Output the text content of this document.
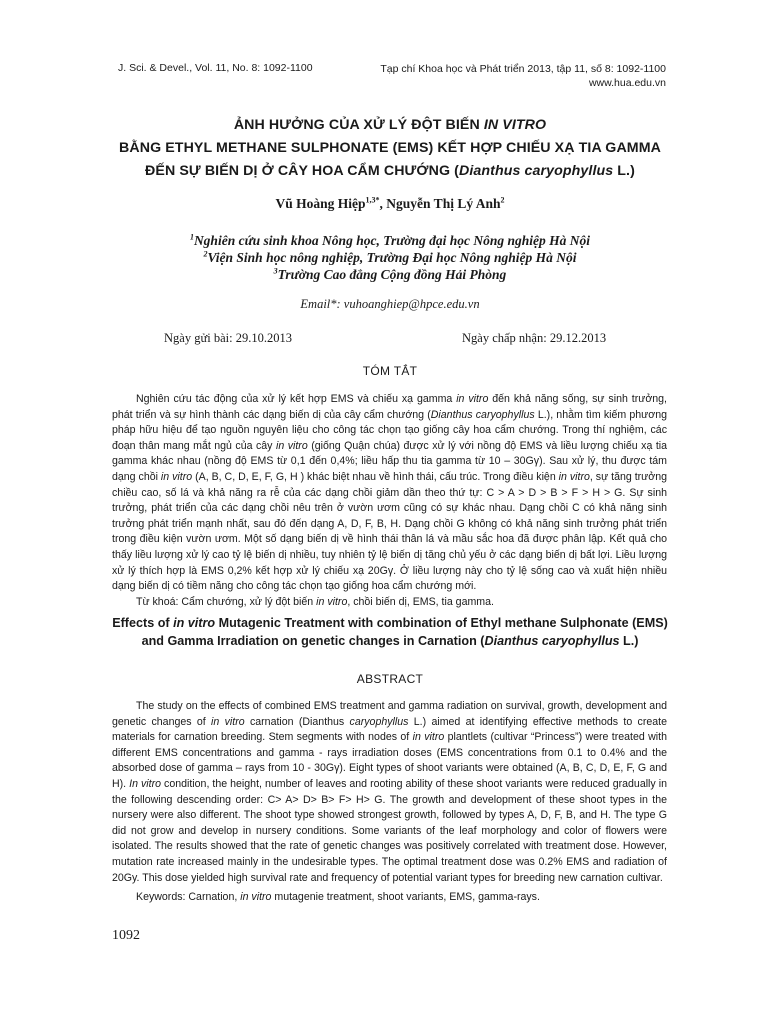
J. Sci. & Devel., Vol. 11, No. 8: 1092-1100	Tạp chí Khoa học và Phát triển 2013, tập 11, số 8: 1092-1100
www.hua.edu.vn
ẢNH HƯỞNG CỦA XỬ LÝ ĐỘT BIẾN IN VITRO
BẰNG ETHYL METHANE SULPHONATE (EMS) KẾT HỢP CHIẾU XẠ TIA GAMMA
ĐẾN SỰ BIẾN DỊ Ở CÂY HOA CẨM CHƯỚNG (Dianthus caryophyllus L.)
Vũ Hoàng Hiệp$^{1,3*}$, Nguyễn Thị Lý Anh$^2$
$^1$Nghiên cứu sinh khoa Nông học, Trường đại học Nông nghiệp Hà Nội
$^2$Viện Sinh học nông nghiệp, Trường Đại học Nông nghiệp Hà Nội
$^3$Trường Cao đẳng Cộng đồng Hải Phòng
Email*: vuhoanghiep@hpce.edu.vn
Ngày gửi bài: 29.10.2013	Ngày chấp nhận: 29.12.2013
TÓM TẮT

Nghiên cứu tác động của xử lý kết hợp EMS và chiếu xạ gamma in vitro đến khả năng sống, sự sinh trưởng, phát triển và sự hình thành các dạng biến dị của cây cẩm chướng (Dianthus caryophyllus L.), nhằm tìm kiếm phương pháp hữu hiệu để tạo nguồn nguyên liệu cho công tác chọn tạo giống cây hoa cẩm chướng. Trong thí nghiệm, các đoạn thân mang mắt ngủ của cây in vitro (giống Quận chúa) được xử lý với nồng độ EMS và liều lượng chiếu xạ tia gamma khác nhau (nồng độ EMS từ 0,1 đến 0,4%; liều hấp thu tia gamma từ 10 – 30Gγ). Sau xử lý, thu được tám dạng chồi in vitro (A, B, C, D, E, F, G, H ) khác biệt nhau về hình thái, cấu trúc. Trong điều kiện in vitro, sự tăng trưởng chiều cao, số lá và khả năng ra rễ của các dạng chồi giảm dần theo thứ tự: C > A > D > B > F > H > G. Sự sinh trưởng, phát triển của các dạng chồi nêu trên ở vườn ươm cũng có sự khác nhau. Dạng chồi C có khả năng sinh trưởng phát triển mạnh nhất, sau đó đến dạng A, D, F, B, H. Dạng chồi G không có khả năng sinh trưởng phát triển trong điều kiện vườn ươm. Một số dạng biến dị về hình thái thân lá và mầu sắc hoa đã được phân lập. Kết quả cho thấy liều lượng xử lý cao tỷ lệ biến dị nhiều, tuy nhiên tỷ lệ biến dị tăng chủ yếu ở các dạng biến dị bất lợi. Liều lượng xử lý thích hợp là EMS 0,2% kết hợp xử lý chiếu xạ 20Gγ. Ở liều lượng này cho tỷ lệ sống cao và xuất hiện nhiều dạng biến dị có tiềm năng cho công tác chọn tạo giống hoa cẩm chướng mới.

Từ khoá: Cẩm chướng, xử lý đột biến in vitro, chồi biến dị, EMS, tia gamma.

Effects of in vitro Mutagenic Treatment with combination of Ethyl methane Sulphonate (EMS) and Gamma Irradiation on genetic changes in Carnation (Dianthus caryophyllus L.)
ABSTRACT

The study on the effects of combined EMS treatment and gamma radiation on survival, growth, development and genetic changes of in vitro carnation (Dianthus caryophyllus L.) aimed at identifying effective methods to create materials for carnation breeding. Stem segments with nodes of in vitro plantlets (cultivar “Princess”) were treated with different EMS concentrations and gamma - rays irradiation doses (EMS concentrations from 0.1 to 0.4% and the absorbed dose of gamma – rays from 10 - 30Gγ). Eight types of shoot variants were obtained (A, B, C, D, E, F, G and H). In vitro condition, the height, number of leaves and rooting ability of these shoot variants were reduced gradually in the following descending order: C> A> D> B> F> H> G. The growth and development of these shoot types in the nursery were also different. The shoot type showed strongest growth, followed by types A, D, F, B, and H. The type G did not grow and develop in nursery conditions. Some variants of the leaf morphology and color of flowers were isolated. The results showed that the rate of genetic changes was positively correlated with treatment dose. However, mutation rate increased mainly in the undesirable types. The optimal treatment dose was 0.2% EMS and radiation of 20Gy. This dose yielded high survival rate and frequency of potential variant types for breeding new carnation cultivar.

Keywords: Carnation, in vitro mutagenie treatment, shoot variants, EMS, gamma-rays.

1092
